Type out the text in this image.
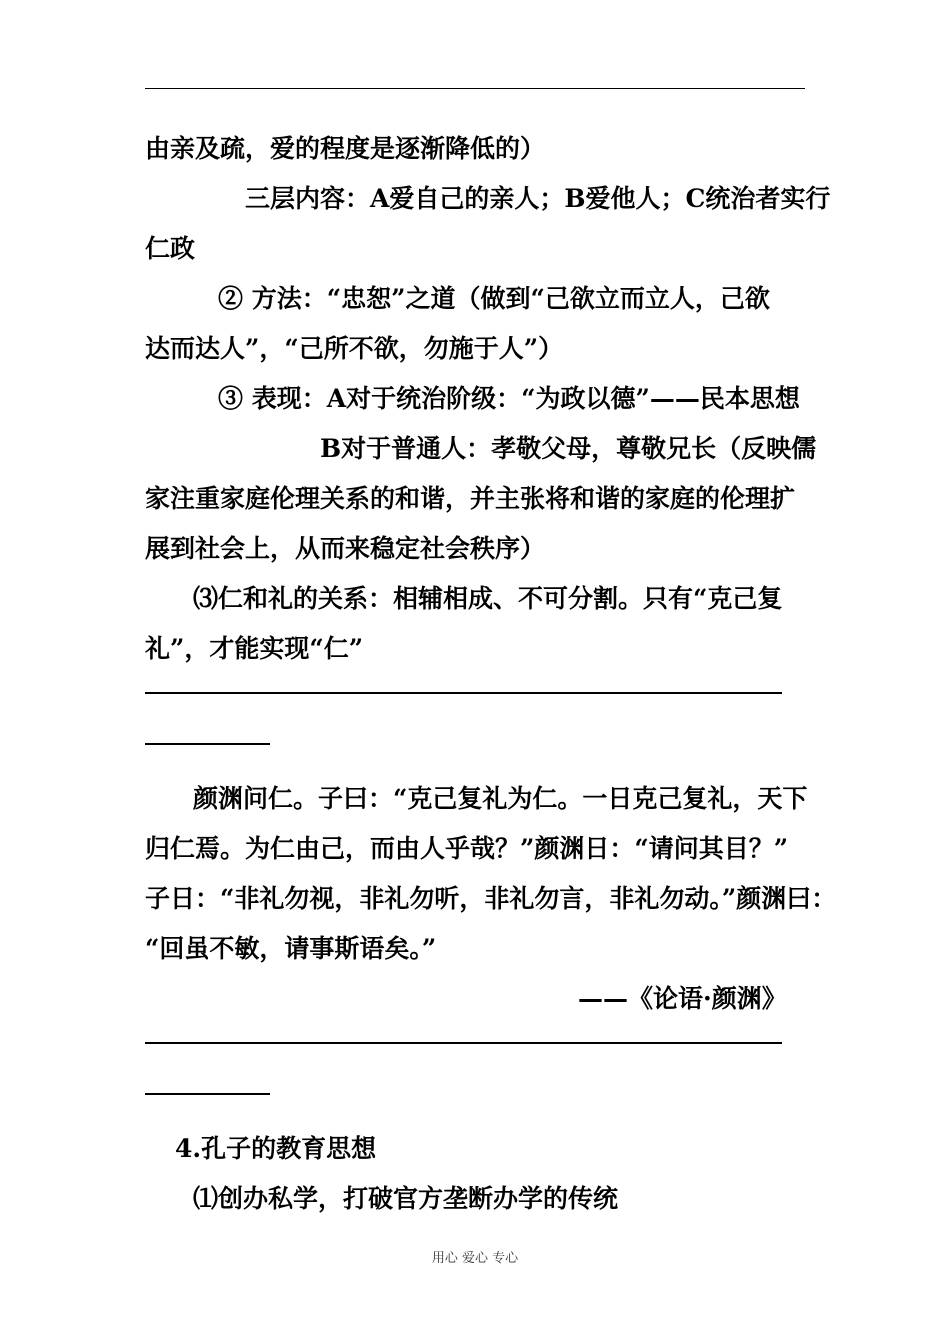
由亲及疏，爱的程度是逐渐降低的）
三层内容：A爱自己的亲人；B爱他人；C统治者实行
仁政
② 方法：“忠恕”之道（做到“己欲立而立人，己欲
达而达人”，“己所不欲，勿施于人”）
③ 表现：A对于统治阶级：“为政以德”——民本思想
B对于普通人：孝敬父母，尊敬兄长（反映儒
家注重家庭伦理关系的和谐，并主张将和谐的家庭的伦理扩
展到社会上，从而来稳定社会秩序）
⑶仁和礼的关系：相辅相成、不可分割。只有“克己复
礼”，才能实现“仁”
颜渊问仁。子曰：“克己复礼为仁。一日克己复礼，天下
归仁焉。为仁由己，而由人乎哉？”颜渊日：“请问其目？”
子日：“非礼勿视，非礼勿听，非礼勿言，非礼勿动。”颜渊曰：
“回虽不敏，请事斯语矣。”
——《论语·颜渊》
4.孔子的教育思想
⑴创办私学，打破官方垄断办学的传统
用心 爱心 专心
